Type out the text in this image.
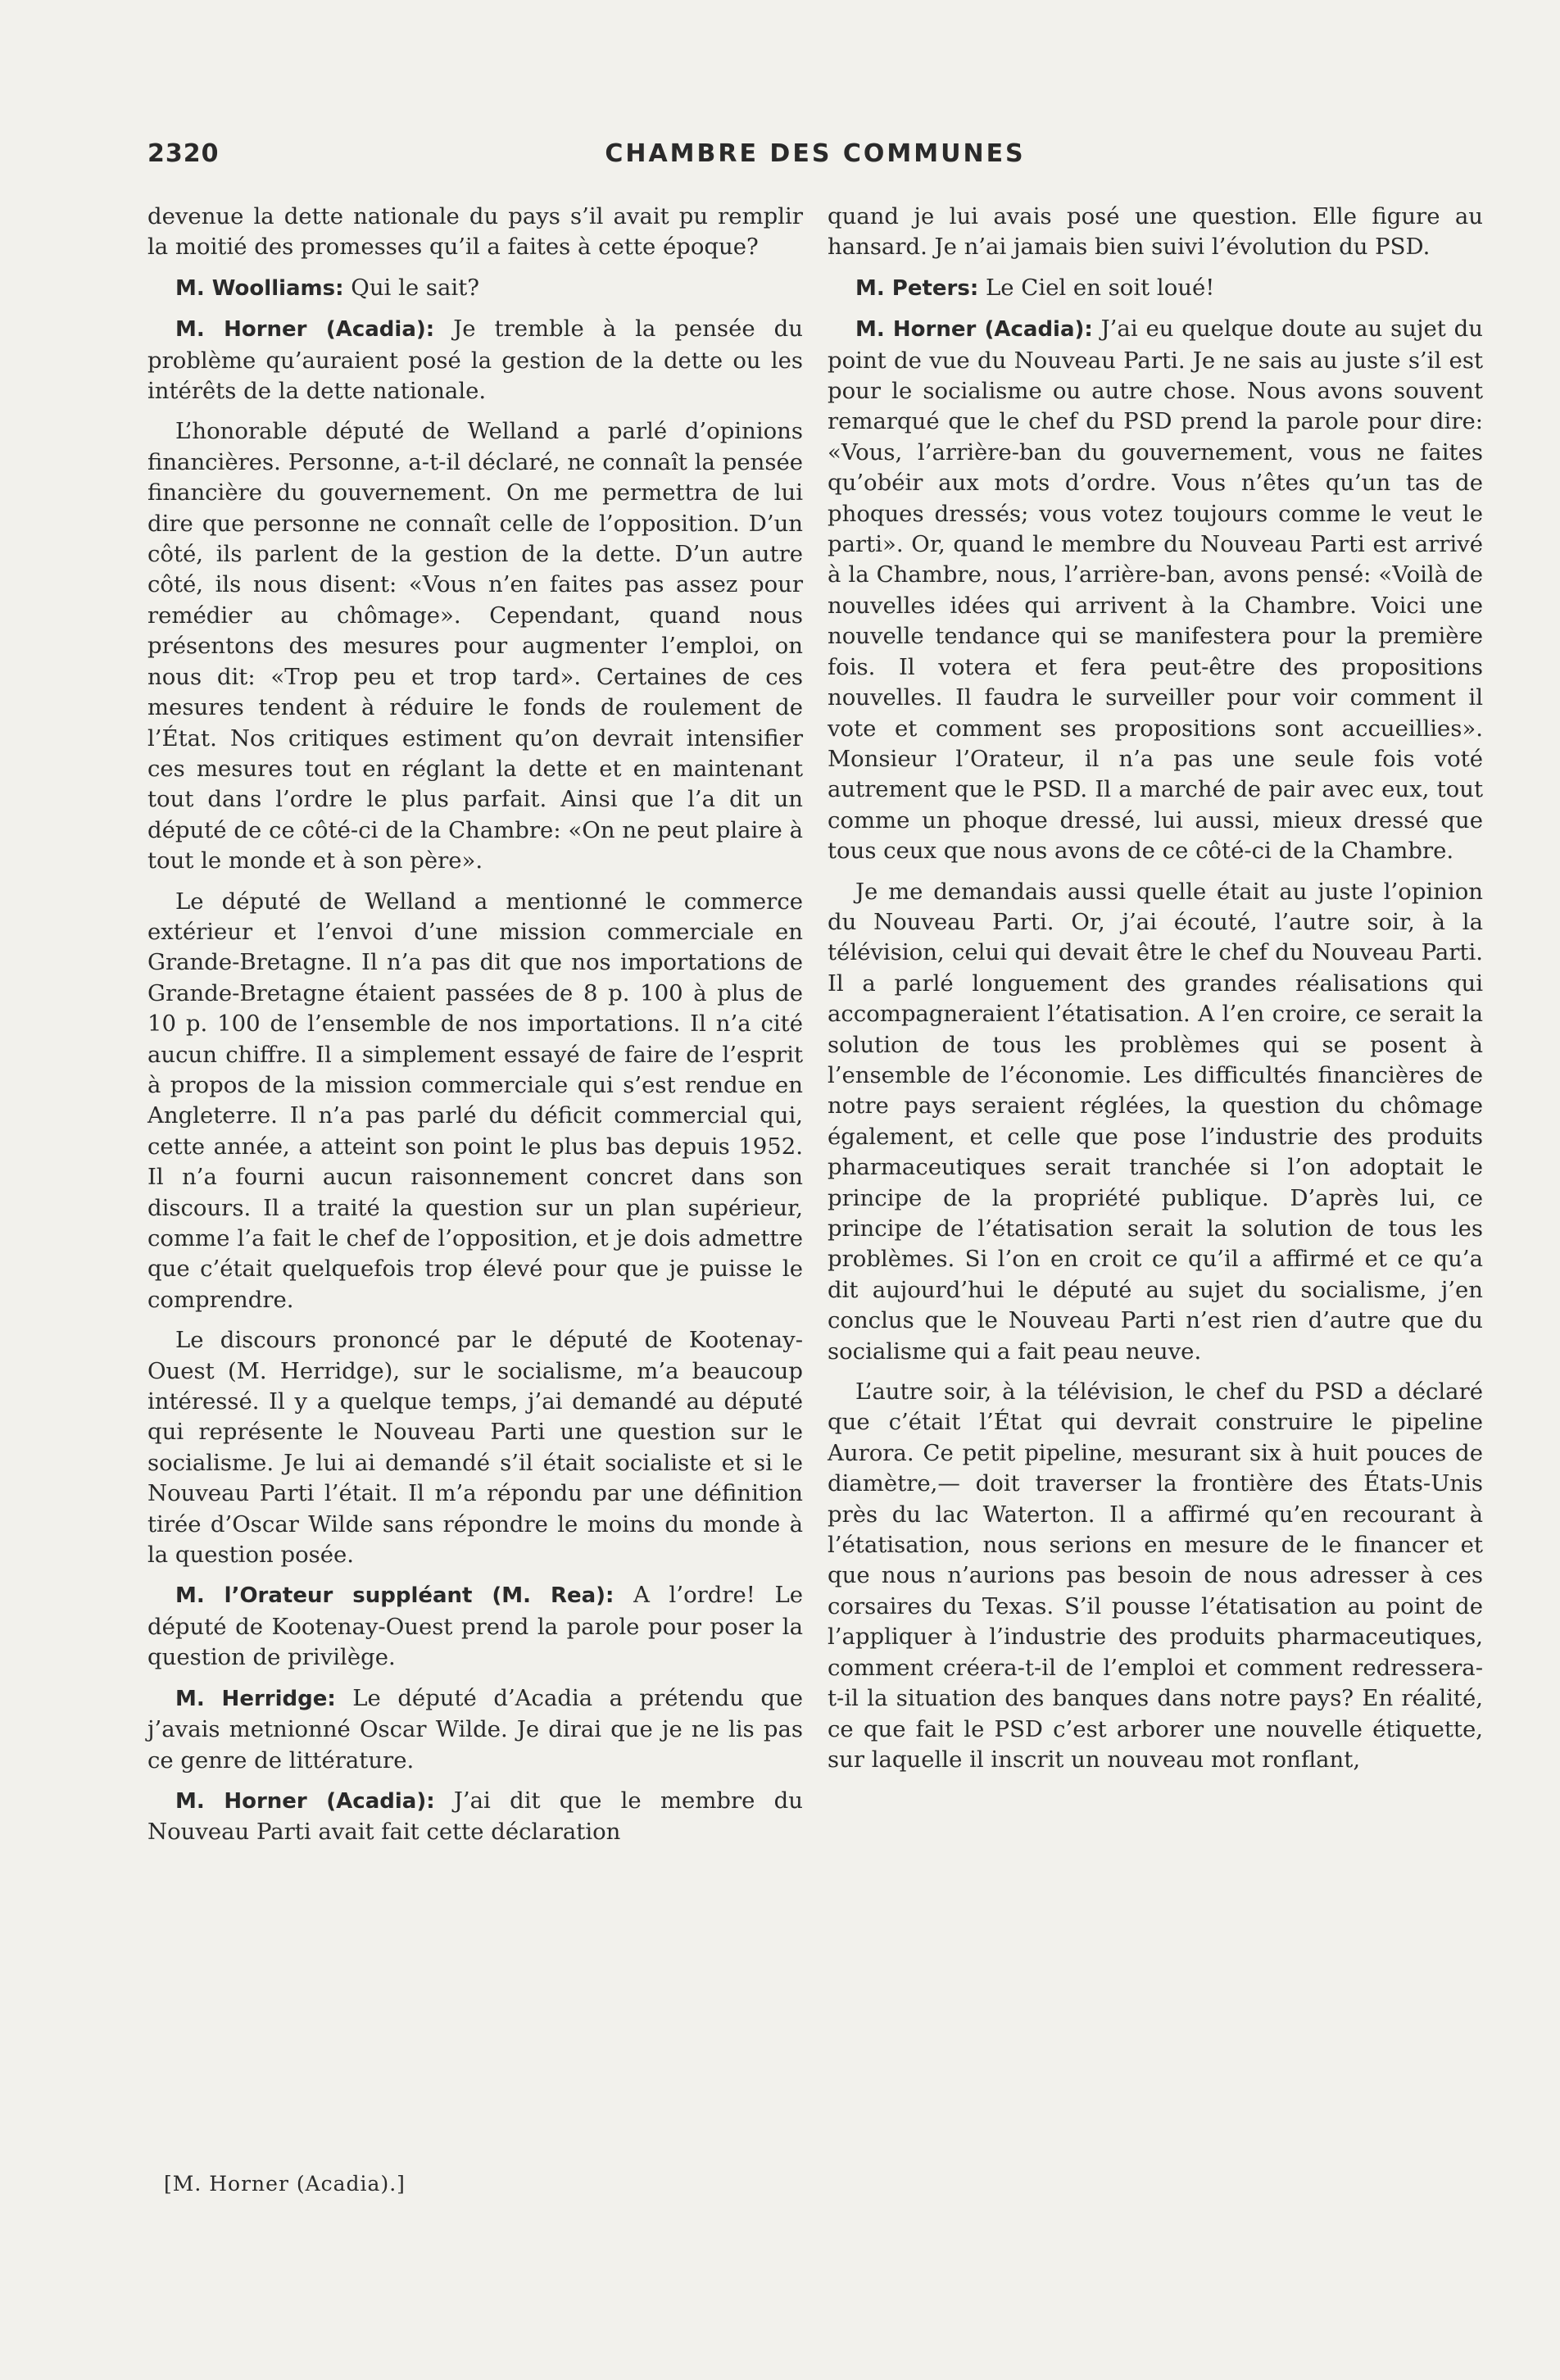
2320	CHAMBRE DES COMMUNES

devenue la dette nationale du pays s’il avait pu remplir la moitié des promesses qu’il a faites à cette époque?

M. Woolliams: Qui le sait?

M. Horner (Acadia): Je tremble à la pensée du problème qu’auraient posé la gestion de la dette ou les intérêts de la dette nationale.

L’honorable député de Welland a parlé d’opinions financières. Personne, a-t-il déclaré, ne connaît la pensée financière du gouvernement. On me permettra de lui dire que personne ne connaît celle de l’opposition. D’un côté, ils parlent de la gestion de la dette. D’un autre côté, ils nous disent: «Vous n’en faites pas assez pour remédier au chômage». Cependant, quand nous présentons des mesures pour augmenter l’emploi, on nous dit: «Trop peu et trop tard». Certaines de ces mesures tendent à réduire le fonds de roulement de l’État. Nos critiques estiment qu’on devrait intensifier ces mesures tout en réglant la dette et en maintenant tout dans l’ordre le plus parfait. Ainsi que l’a dit un député de ce côté-ci de la Chambre: «On ne peut plaire à tout le monde et à son père».

Le député de Welland a mentionné le commerce extérieur et l’envoi d’une mission commerciale en Grande-Bretagne. Il n’a pas dit que nos importations de Grande-Bretagne étaient passées de 8 p. 100 à plus de 10 p. 100 de l’ensemble de nos importations. Il n’a cité aucun chiffre. Il a simplement essayé de faire de l’esprit à propos de la mission commerciale qui s’est rendue en Angleterre. Il n’a pas parlé du déficit commercial qui, cette année, a atteint son point le plus bas depuis 1952. Il n’a fourni aucun raisonnement concret dans son discours. Il a traité la question sur un plan supérieur, comme l’a fait le chef de l’opposition, et je dois admettre que c’était quelquefois trop élevé pour que je puisse le comprendre.

Le discours prononcé par le député de Kootenay-Ouest (M. Herridge), sur le socialisme, m’a beaucoup intéressé. Il y a quelque temps, j’ai demandé au député qui représente le Nouveau Parti une question sur le socialisme. Je lui ai demandé s’il était socialiste et si le Nouveau Parti l’était. Il m’a répondu par une définition tirée d’Oscar Wilde sans répondre le moins du monde à la question posée.

M. l’Orateur suppléant (M. Rea): A l’ordre! Le député de Kootenay-Ouest prend la parole pour poser la question de privilège.

M. Herridge: Le député d’Acadia a prétendu que j’avais metnionné Oscar Wilde. Je dirai que je ne lis pas ce genre de littérature.

M. Horner (Acadia): J’ai dit que le membre du Nouveau Parti avait fait cette déclaration

quand je lui avais posé une question. Elle figure au hansard. Je n’ai jamais bien suivi l’évolution du PSD.

M. Peters: Le Ciel en soit loué!

M. Horner (Acadia): J’ai eu quelque doute au sujet du point de vue du Nouveau Parti. Je ne sais au juste s’il est pour le socialisme ou autre chose. Nous avons souvent remarqué que le chef du PSD prend la parole pour dire: «Vous, l’arrière-ban du gouvernement, vous ne faites qu’obéir aux mots d’ordre. Vous n’êtes qu’un tas de phoques dressés; vous votez toujours comme le veut le parti». Or, quand le membre du Nouveau Parti est arrivé à la Chambre, nous, l’arrière-ban, avons pensé: «Voilà de nouvelles idées qui arrivent à la Chambre. Voici une nouvelle tendance qui se manifestera pour la première fois. Il votera et fera peut-être des propositions nouvelles. Il faudra le surveiller pour voir comment il vote et comment ses propositions sont accueillies». Monsieur l’Orateur, il n’a pas une seule fois voté autrement que le PSD. Il a marché de pair avec eux, tout comme un phoque dressé, lui aussi, mieux dressé que tous ceux que nous avons de ce côté-ci de la Chambre.

Je me demandais aussi quelle était au juste l’opinion du Nouveau Parti. Or, j’ai écouté, l’autre soir, à la télévision, celui qui devait être le chef du Nouveau Parti. Il a parlé longuement des grandes réalisations qui accompagneraient l’étatisation. A l’en croire, ce serait la solution de tous les problèmes qui se posent à l’ensemble de l’économie. Les difficultés financières de notre pays seraient réglées, la question du chômage également, et celle que pose l’industrie des produits pharmaceutiques serait tranchée si l’on adoptait le principe de la propriété publique. D’après lui, ce principe de l’étatisation serait la solution de tous les problèmes. Si l’on en croit ce qu’il a affirmé et ce qu’a dit aujourd’hui le député au sujet du socialisme, j’en conclus que le Nouveau Parti n’est rien d’autre que du socialisme qui a fait peau neuve.

L’autre soir, à la télévision, le chef du PSD a déclaré que c’était l’État qui devrait construire le pipeline Aurora. Ce petit pipeline, mesurant six à huit pouces de diamètre,— doit traverser la frontière des États-Unis près du lac Waterton. Il a affirmé qu’en recourant à l’étatisation, nous serions en mesure de le financer et que nous n’aurions pas besoin de nous adresser à ces corsaires du Texas. S’il pousse l’étatisation au point de l’appliquer à l’industrie des produits pharmaceutiques, comment créera-t-il de l’emploi et comment redressera-t-il la situation des banques dans notre pays? En réalité, ce que fait le PSD c’est arborer une nouvelle étiquette, sur laquelle il inscrit un nouveau mot ronflant,

[M. Horner (Acadia).]
